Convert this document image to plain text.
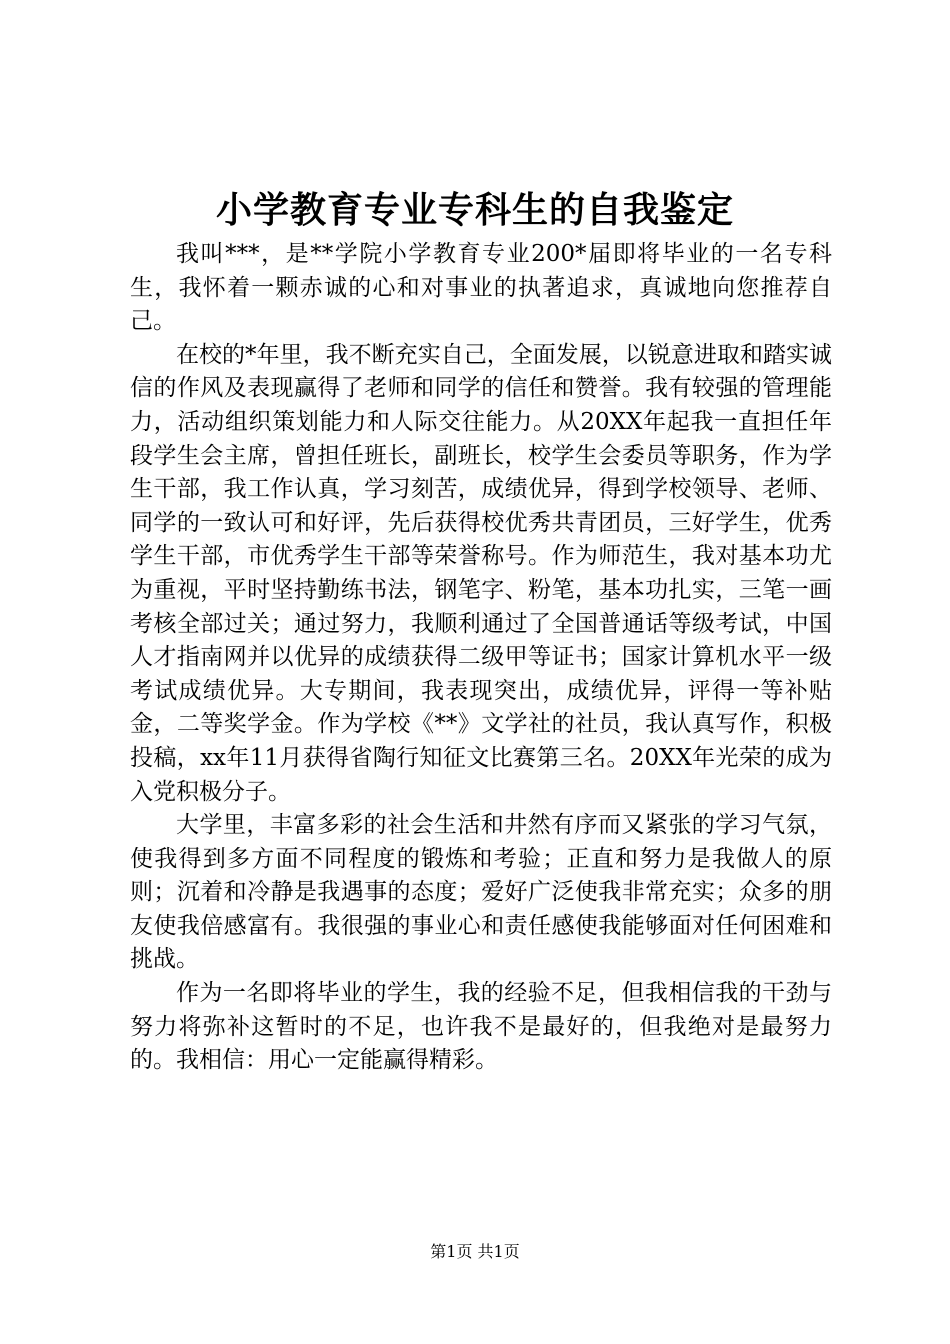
小学教育专业专科生的自我鉴定

我叫***，是**学院小学教育专业200*届即将毕业的一名专科生，我怀着一颗赤诚的心和对事业的执著追求，真诚地向您推荐自己。

在校的*年里，我不断充实自己，全面发展，以锐意进取和踏实诚信的作风及表现赢得了老师和同学的信任和赞誉。我有较强的管理能力，活动组织策划能力和人际交往能力。从20XX年起我一直担任年段学生会主席，曾担任班长，副班长，校学生会委员等职务，作为学生干部，我工作认真，学习刻苦，成绩优异，得到学校领导、老师、同学的一致认可和好评，先后获得校优秀共青团员，三好学生，优秀学生干部，市优秀学生干部等荣誉称号。作为师范生，我对基本功尤为重视，平时坚持勤练书法，钢笔字、粉笔，基本功扎实，三笔一画考核全部过关；通过努力，我顺利通过了全国普通话等级考试，中国人才指南网并以优异的成绩获得二级甲等证书；国家计算机水平一级考试成绩优异。大专期间，我表现突出，成绩优异，评得一等补贴金，二等奖学金。作为学校《**》文学社的社员，我认真写作，积极投稿，xx年11月获得省陶行知征文比赛第三名。20XX年光荣的成为入党积极分子。

大学里，丰富多彩的社会生活和井然有序而又紧张的学习气氛，使我得到多方面不同程度的锻炼和考验；正直和努力是我做人的原则；沉着和冷静是我遇事的态度；爱好广泛使我非常充实；众多的朋友使我倍感富有。我很强的事业心和责任感使我能够面对任何困难和挑战。

作为一名即将毕业的学生，我的经验不足，但我相信我的干劲与努力将弥补这暂时的不足，也许我不是最好的，但我绝对是最努力的。我相信：用心一定能赢得精彩。

第1页 共1页
